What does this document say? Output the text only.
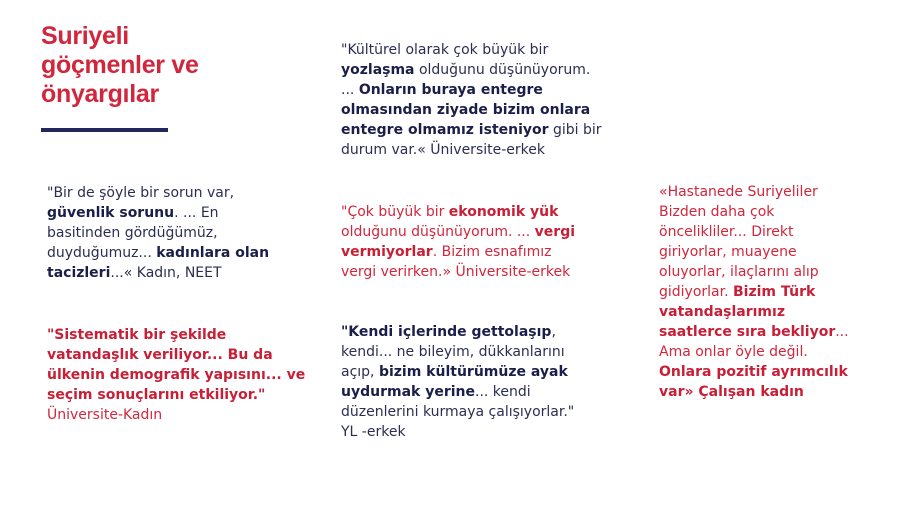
Suriyeli
göçmenler ve
önyargılar
"Kültürel olarak çok büyük bir
yozlaşma olduğunu düşünüyorum.
... Onların buraya entegre
olmasından ziyade bizim onlara
entegre olmamız isteniyor gibi bir
durum var.« Üniversite-erkek
"Bir de şöyle bir sorun var,
güvenlik sorunu. ... En
basitinden gördüğümüz,
duyduğumuz... kadınlara olan
tacizleri...« Kadın, NEET
"Çok büyük bir ekonomik yük
olduğunu düşünüyorum. ... vergi
vermiyorlar. Bizim esnafımız
vergi verirken.» Üniversite-erkek
«Hastanede Suriyeliler
Bizden daha çok
öncelikliler... Direkt
giriyorlar, muayene
oluyorlar, ilaçlarını alıp
gidiyorlar. Bizim Türk
vatandaşlarımız
saatlerce sıra bekliyor...
Ama onlar öyle değil.
Onlara pozitif ayrımcılık
var» Çalışan kadın
"Sistematik bir şekilde
vatandaşlık veriliyor... Bu da
ülkenin demografik yapısını... ve
seçim sonuçlarını etkiliyor."
Üniversite-Kadın
"Kendi içlerinde gettolaşıp,
kendi... ne bileyim, dükkanlarını
açıp, bizim kültürümüze ayak
uydurmak yerine... kendi
düzenlerini kurmaya çalışıyorlar."
YL -erkek
